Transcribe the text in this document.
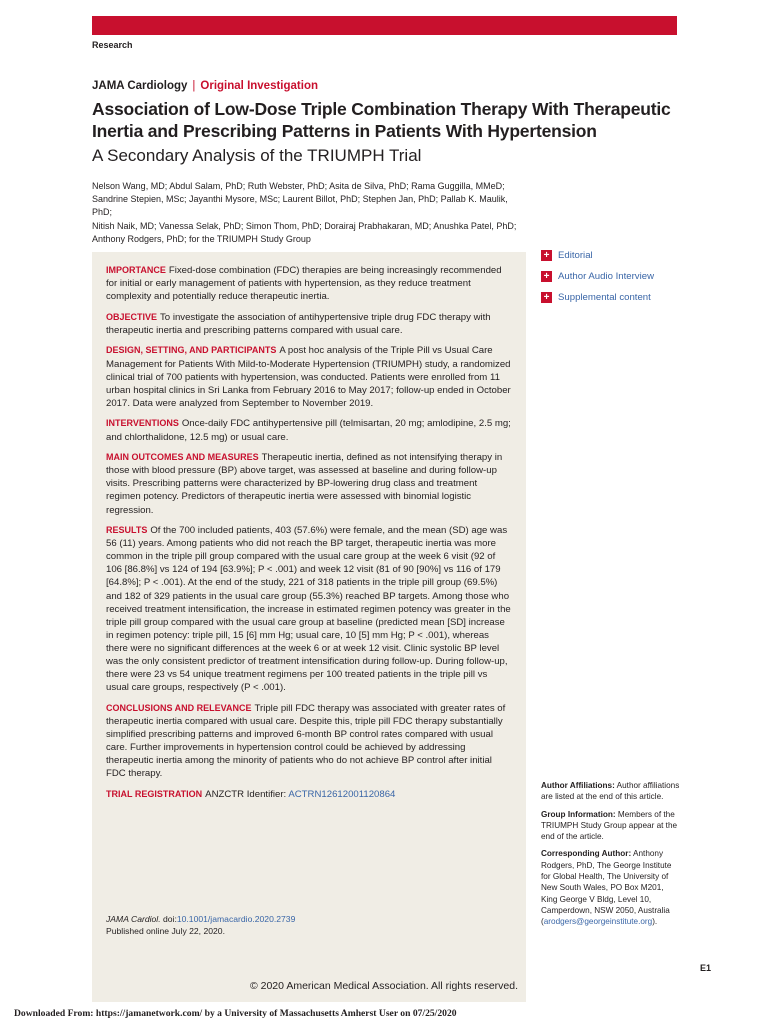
Research
JAMA Cardiology | Original Investigation
Association of Low-Dose Triple Combination Therapy With Therapeutic
Inertia and Prescribing Patterns in Patients With Hypertension
A Secondary Analysis of the TRIUMPH Trial
Nelson Wang, MD; Abdul Salam, PhD; Ruth Webster, PhD; Asita de Silva, PhD; Rama Guggilla, MMeD;
Sandrine Stepien, MSc; Jayanthi Mysore, MSc; Laurent Billot, PhD; Stephen Jan, PhD; Pallab K. Maulik, PhD;
Nitish Naik, MD; Vanessa Selak, PhD; Simon Thom, PhD; Dorairaj Prabhakaran, MD; Anushka Patel, PhD;
Anthony Rodgers, PhD; for the TRIUMPH Study Group

IMPORTANCE Fixed-dose combination (FDC) therapies are being increasingly recommended for initial or early management of patients with hypertension, as they reduce treatment complexity and potentially reduce therapeutic inertia.

OBJECTIVE To investigate the association of antihypertensive triple drug FDC therapy with therapeutic inertia and prescribing patterns compared with usual care.

DESIGN, SETTING, AND PARTICIPANTS A post hoc analysis of the Triple Pill vs Usual Care Management for Patients With Mild-to-Moderate Hypertension (TRIUMPH) study, a randomized clinical trial of 700 patients with hypertension, was conducted. Patients were enrolled from 11 urban hospital clinics in Sri Lanka from February 2016 to May 2017; follow-up ended in October 2017. Data were analyzed from September to November 2019.

INTERVENTIONS Once-daily FDC antihypertensive pill (telmisartan, 20 mg; amlodipine, 2.5 mg; and chlorthalidone, 12.5 mg) or usual care.

MAIN OUTCOMES AND MEASURES Therapeutic inertia, defined as not intensifying therapy in those with blood pressure (BP) above target, was assessed at baseline and during follow-up visits. Prescribing patterns were characterized by BP-lowering drug class and treatment regimen potency. Predictors of therapeutic inertia were assessed with binomial logistic regression.

RESULTS Of the 700 included patients, 403 (57.6%) were female, and the mean (SD) age was 56 (11) years. Among patients who did not reach the BP target, therapeutic inertia was more common in the triple pill group compared with the usual care group at the week 6 visit (92 of 106 [86.8%] vs 124 of 194 [63.9%]; P < .001) and week 12 visit (81 of 90 [90%] vs 116 of 179 [64.8%]; P < .001). At the end of the study, 221 of 318 patients in the triple pill group (69.5%) and 182 of 329 patients in the usual care group (55.3%) reached BP targets. Among those who received treatment intensification, the increase in estimated regimen potency was greater in the triple pill group compared with the usual care group at baseline (predicted mean [SD] increase in regimen potency: triple pill, 15 [6] mm Hg; usual care, 10 [5] mm Hg; P < .001), whereas there were no significant differences at the week 6 or at week 12 visit. Clinic systolic BP level was the only consistent predictor of treatment intensification during follow-up. During follow-up, there were 23 vs 54 unique treatment regimens per 100 treated patients in the triple pill vs usual care groups, respectively (P < .001).

CONCLUSIONS AND RELEVANCE Triple pill FDC therapy was associated with greater rates of therapeutic inertia compared with usual care. Despite this, triple pill FDC therapy substantially simplified prescribing patterns and improved 6-month BP control rates compared with usual care. Further improvements in hypertension control could be achieved by addressing therapeutic inertia among the minority of patients who do not achieve BP control after initial FDC therapy.

TRIAL REGISTRATION ANZCTR Identifier: ACTRN12612001120864

JAMA Cardiol. doi:10.1001/jamacardio.2020.2739
Published online July 22, 2020.
+ Editorial
+ Author Audio Interview
+ Supplemental content

Author Affiliations: Author affiliations are listed at the end of this article.

Group Information: Members of the TRIUMPH Study Group appear at the end of the article.

Corresponding Author: Anthony Rodgers, PhD, The George Institute for Global Health, The University of New South Wales, PO Box M201, King George V Bldg, Level 10, Camperdown, NSW 2050, Australia (arodgers@georgeinstitute.org).

E1
© 2020 American Medical Association. All rights reserved.
Downloaded From: https://jamanetwork.com/ by a University of Massachusetts Amherst User on 07/25/2020
